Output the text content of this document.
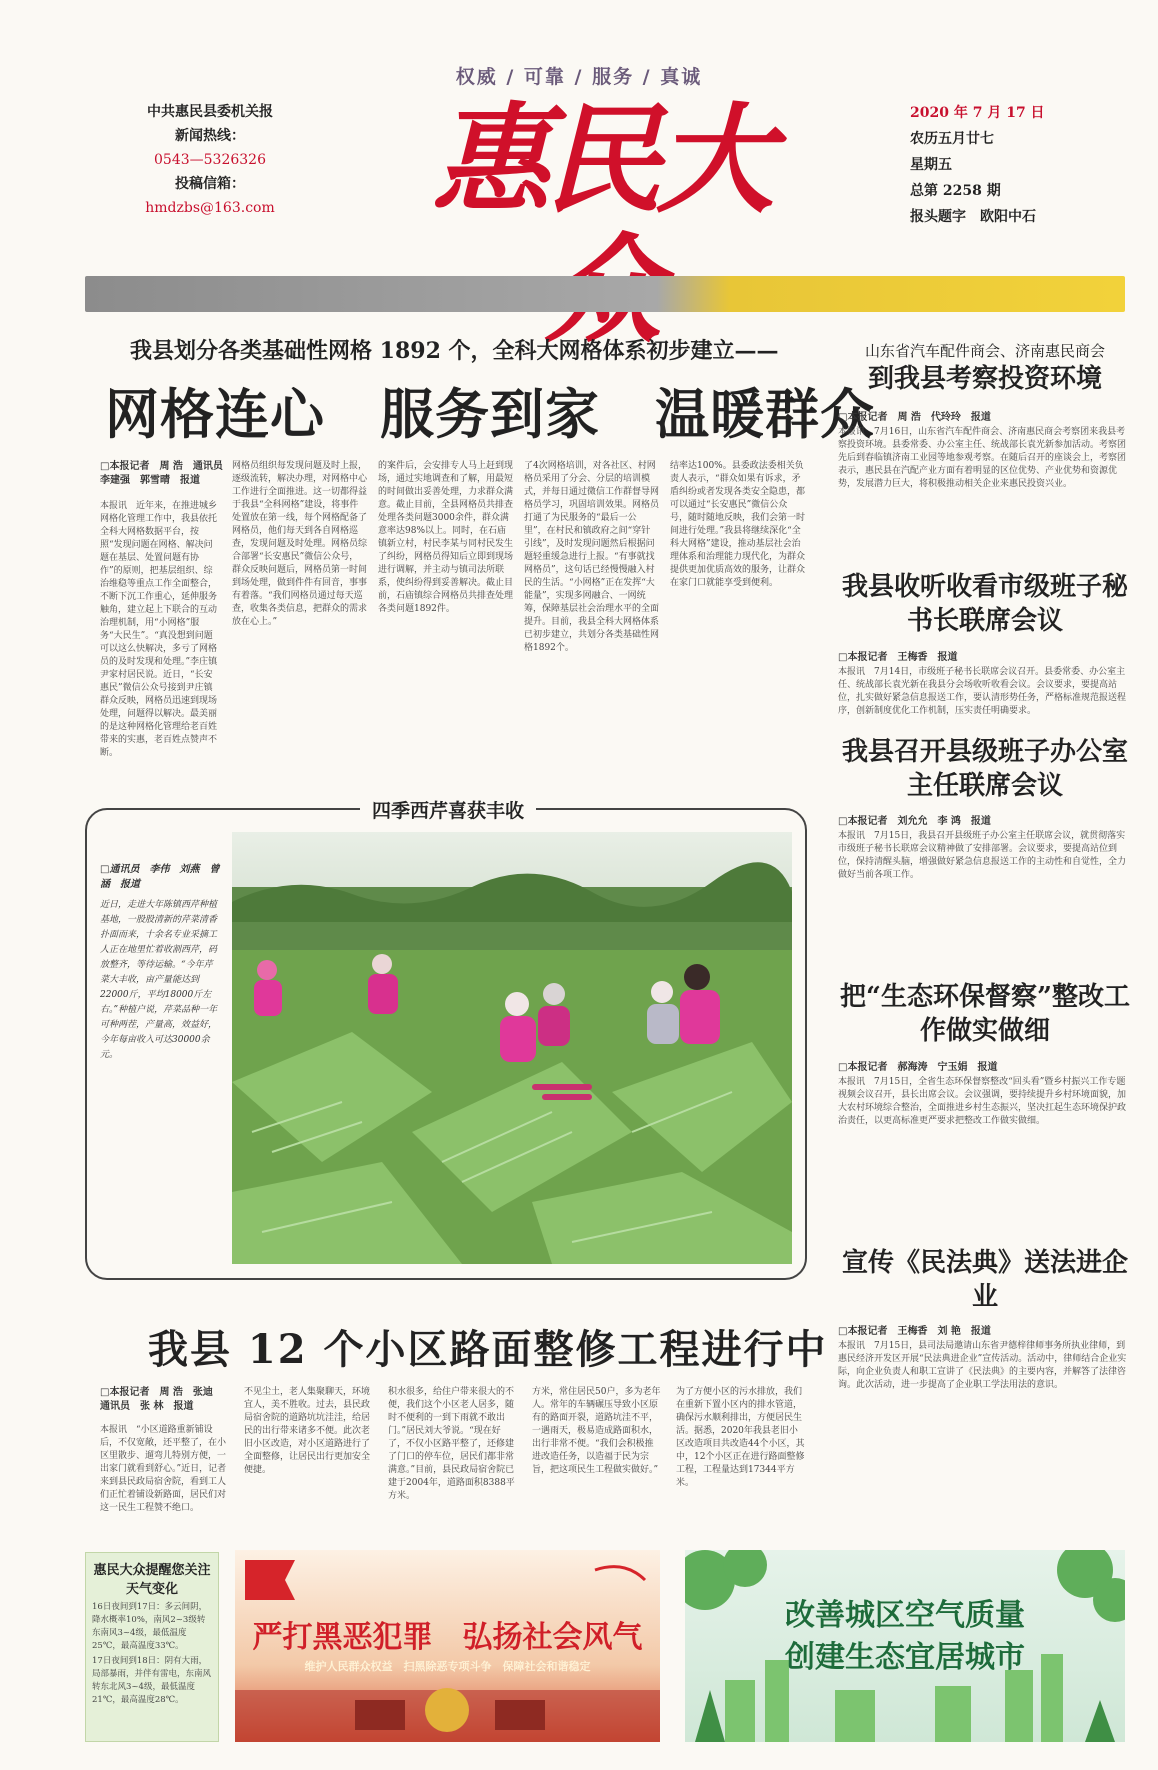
权威 / 可靠 / 服务 / 真诚
中共惠民县委机关报
新闻热线：
0543—5326326
投稿信箱：
hmdzbs@163.com	惠民大	2020 年 7 月 17 日
农历五月廿七
星期五
总第 2258 期
报头题字　欧阳中石
我县划分各类基础性网格 1892 个，全科大网格体系初步建立——
网格连心　服务到家　温暖群众
□本报记者　周 浩　通讯员　李建强　郭雪晴　报道
本报讯　近年来，在推进城乡网格化管理工作中，我县依托全科大网格数据平台，按照“发现问题在网格、解决问题在基层、处置问题有协作”的原则，把基层组织、综治维稳等重点工作全面整合，不断下沉工作重心，延伸服务触角，建立起上下联合的互动治理机制，用“小网格”服务“大民生”。“真没想到问题可以这么快解决，多亏了网格员的及时发现和处理。”李庄镇尹家村居民说。近日，“长安惠民”微信公众号接到尹庄镇群众反映，网格员迅速到现场处理，问题得以解决。最美丽的是这种网格化管理给老百姓带来的实惠，老百姓点赞声不断。
网格员组织每发现问题及时上报，逐级流转，解决办理，对网格中心工作进行全面推进。这一切都得益于我县“全科网格”建设，将事件处置放在第一线，每个网格配备了网格员，他们每天到各自网格巡查，发现问题及时处理。网格员综合部署“长安惠民”微信公众号，群众反映问题后，网格员第一时间到场处理，做到件件有回音，事事有着落。“我们网格员通过每天巡查，收集各类信息，把群众的需求放在心上。”
的案件后，会安排专人马上赶到现场，通过实地调查和了解，用最短的时间做出妥善处理，力求群众满意。截止目前，全县网格员共排查处理各类问题3000余件，群众满意率达98%以上。同时，在石庙镇新立村，村民李某与同村民发生了纠纷，网格员得知后立即到现场进行调解，并主动与镇司法所联系，使纠纷得到妥善解决。截止目前，石庙镇综合网格员共排查处理各类问题1892件。
了4次网格培训，对各社区、村网格员采用了分会、分层的培训模式，并每日通过微信工作群督导网格员学习，巩固培训效果。网格员打通了为民服务的“最后一公里”，在村民和镇政府之间“穿针引线”，及时发现问题然后根据问题轻重缓急进行上报。“有事就找网格员”，这句话已经慢慢融入村民的生活。“小网格”正在发挥“大能量”，实现多网融合、一网统筹，保障基层社会治理水平的全面提升。目前，我县全科大网格体系已初步建立，共划分各类基础性网格1892个。
结率达100%。县委政法委相关负责人表示，“群众如果有诉求，矛盾纠纷或者发现各类安全隐患，都可以通过“长安惠民”微信公众号，随时随地反映，我们会第一时间进行处理。”我县将继续深化“全科大网格”建设，推动基层社会治理体系和治理能力现代化，为群众提供更加优质高效的服务，让群众在家门口就能享受到便利。
山东省汽车配件商会、济南惠民商会
到我县考察投资环境
□本报记者　周 浩　代玲玲　报道
本报讯　7月16日，山东省汽车配件商会、济南惠民商会考察团来我县考察投资环境。县委常委、办公室主任、统战部长袁光新参加活动。考察团先后到春临镇济南工业园等地参观考察。在随后召开的座谈会上，考察团表示，惠民县在汽配产业方面有着明显的区位优势、产业优势和资源优势，发展潜力巨大，将积极推动相关企业来惠民投资兴业。
我县收听收看市级班子秘书长联席会议
□本报记者　王梅香　报道
本报讯　7月14日，市级班子秘书长联席会议召开。县委常委、办公室主任、统战部长袁光新在我县分会场收听收看会议。会议要求，要提高站位，扎实做好紧急信息报送工作，要认清形势任务，严格标准规范报送程序，创新制度优化工作机制，压实责任明确要求。
我县召开县级班子办公室主任联席会议
□本报记者　刘允允　李 鸿　报道
本报讯　7月15日，我县召开县级班子办公室主任联席会议，就贯彻落实市级班子秘书长联席会议精神做了安排部署。会议要求，要提高站位到位，保持清醒头脑，增强做好紧急信息报送工作的主动性和自觉性，全力做好当前各项工作。
把“生态环保督察”整改工作做实做细
□本报记者　郝海涛　宁玉娟　报道
本报讯　7月15日，全省生态环保督察整改“回头看”暨乡村振兴工作专题视频会议召开，县长出席会议。会议强调，要持续提升乡村环境面貌，加大农村环境综合整治，全面推进乡村生态振兴，坚决扛起生态环境保护政治责任，以更高标准更严要求把整改工作做实做细。
宣传《民法典》送法进企业
□本报记者　王梅香　刘 艳　报道
本报讯　7月15日，县司法局邀请山东省尹德梓律师事务所执业律师，到惠民经济开发区开展“民法典进企业”宣传活动。活动中，律师结合企业实际，向企业负责人和职工宣讲了《民法典》的主要内容，并解答了法律咨询。此次活动，进一步提高了企业职工学法用法的意识。
四季西芹喜获丰收
□通讯员　李伟　刘燕　曾涵　报道
近日，走进大年陈镇西芹种植基地，一股股清新的芹菜清香扑面而来，十余名专业采摘工人正在地里忙着收割西芹，码放整齐，等待运输。“今年芹菜大丰收，亩产量能达到22000斤，平均18000斤左右。”种植户说，芹菜品种一年可种两茬，产量高，效益好，今年每亩收入可达30000余元。
我县 12 个小区路面整修工程进行中
□本报记者　周 浩　张迪　通讯员　张 林　报道
本报讯　“小区道路重新铺设后，不仅宽敞，还平整了，在小区里散步、遛弯儿特别方便，一出家门就看到舒心。”近日，记者来到县民政局宿舍院，看到工人们正忙着铺设新路面，居民们对这一民生工程赞不绝口。
不见尘土，老人集聚聊天，环境宜人，美不胜收。过去，县民政局宿舍院的道路坑坑洼洼，给居民的出行带来诸多不便。此次老旧小区改造，对小区道路进行了全面整修，让居民出行更加安全便捷。
积水很多，给住户带来很大的不便，我们这个小区老人居多，随时不便利的一到下雨就不敢出门。”居民刘大爷说。“现在好了，不仅小区路平整了，还修建了门口的停车位，居民们都非常满意。”目前，县民政局宿舍院已建于2004年，道路面积8388平方米。
方米，常住居民50户，多为老年人。常年的车辆碾压导致小区原有的路面开裂，道路坑洼不平，一遇雨天，极易造成路面积水，出行非常不便。“我们会积极推进改造任务，以造福于民为宗旨，把这项民生工程做实做好。”
为了方便小区的污水排放，我们在重新下置小区内的排水管道，确保污水顺利排出，方便居民生活。据悉，2020年我县老旧小区改造项目共改造44个小区，其中，12个小区正在进行路面整修工程，工程量达到17344平方米。
惠民大众提醒您关注天气变化

16日夜间到17日：多云间阴，降水概率10%，南风2~3级转东南风3~4级，最低温度25℃，最高温度33℃。

17日夜间到18日：阴有大雨，局部暴雨，并伴有雷电，东南风转东北风3~4级，最低温度21℃，最高温度28℃。

严打黑恶犯罪　弘扬社会风气
维护人民群众权益　扫黑除恶专项斗争　保障社会和谐稳定
改善城区空气质量
创建生态宜居城市
